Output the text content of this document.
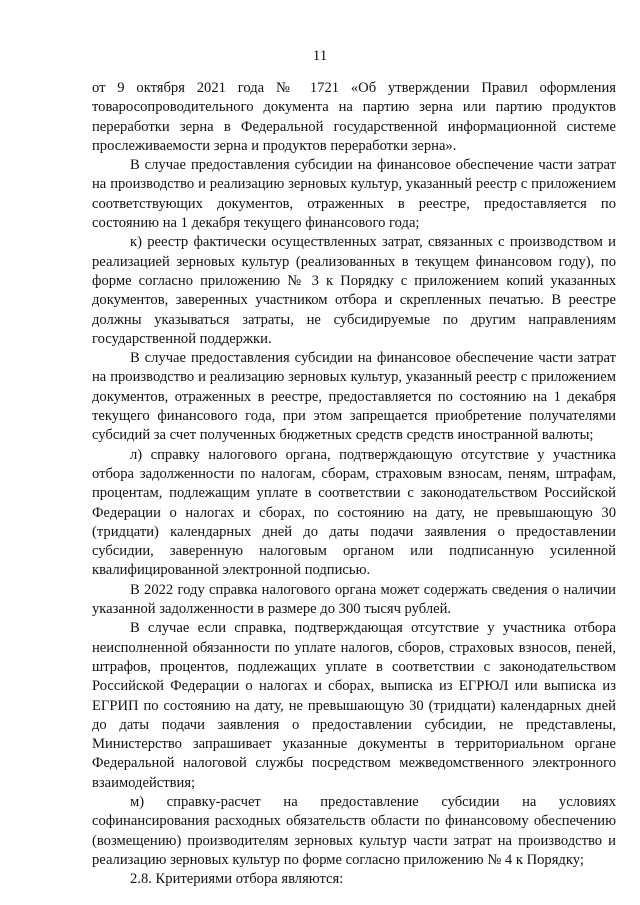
11

от 9 октября 2021 года № 1721 «Об утверждении Правил оформления товаросопроводительного документа на партию зерна или партию продуктов переработки зерна в Федеральной государственной информационной системе прослеживаемости зерна и продуктов переработки зерна».

В случае предоставления субсидии на финансовое обеспечение части затрат на производство и реализацию зерновых культур, указанный реестр с приложением соответствующих документов, отраженных в реестре, предоставляется по состоянию на 1 декабря текущего финансового года;

к) реестр фактически осуществленных затрат, связанных с производством и реализацией зерновых культур (реализованных в текущем финансовом году), по форме согласно приложению № 3 к Порядку с приложением копий указанных документов, заверенных участником отбора и скрепленных печатью. В реестре должны указываться затраты, не субсидируемые по другим направлениям государственной поддержки.

В случае предоставления субсидии на финансовое обеспечение части затрат на производство и реализацию зерновых культур, указанный реестр с приложением документов, отраженных в реестре, предоставляется по состоянию на 1 декабря текущего финансового года, при этом запрещается приобретение получателями субсидий за счет полученных бюджетных средств средств иностранной валюты;

л) справку налогового органа, подтверждающую отсутствие у участника отбора задолженности по налогам, сборам, страховым взносам, пеням, штрафам, процентам, подлежащим уплате в соответствии с законодательством Российской Федерации о налогах и сборах, по состоянию на дату, не превышающую 30 (тридцати) календарных дней до даты подачи заявления о предоставлении субсидии, заверенную налоговым органом или подписанную усиленной квалифицированной электронной подписью.

В 2022 году справка налогового органа может содержать сведения о наличии указанной задолженности в размере до 300 тысяч рублей.

В случае если справка, подтверждающая отсутствие у участника отбора неисполненной обязанности по уплате налогов, сборов, страховых взносов, пеней, штрафов, процентов, подлежащих уплате в соответствии с законодательством Российской Федерации о налогах и сборах, выписка из ЕГРЮЛ или выписка из ЕГРИП по состоянию на дату, не превышающую 30 (тридцати) календарных дней до даты подачи заявления о предоставлении субсидии, не представлены, Министерство запрашивает указанные документы в территориальном органе Федеральной налоговой службы посредством межведомственного электронного взаимодействия;

м) справку-расчет на предоставление субсидии на условиях софинансирования расходных обязательств области по финансовому обеспечению (возмещению) производителям зерновых культур части затрат на производство и реализацию зерновых культур по форме согласно приложению № 4 к Порядку;

2.8. Критериями отбора являются:
